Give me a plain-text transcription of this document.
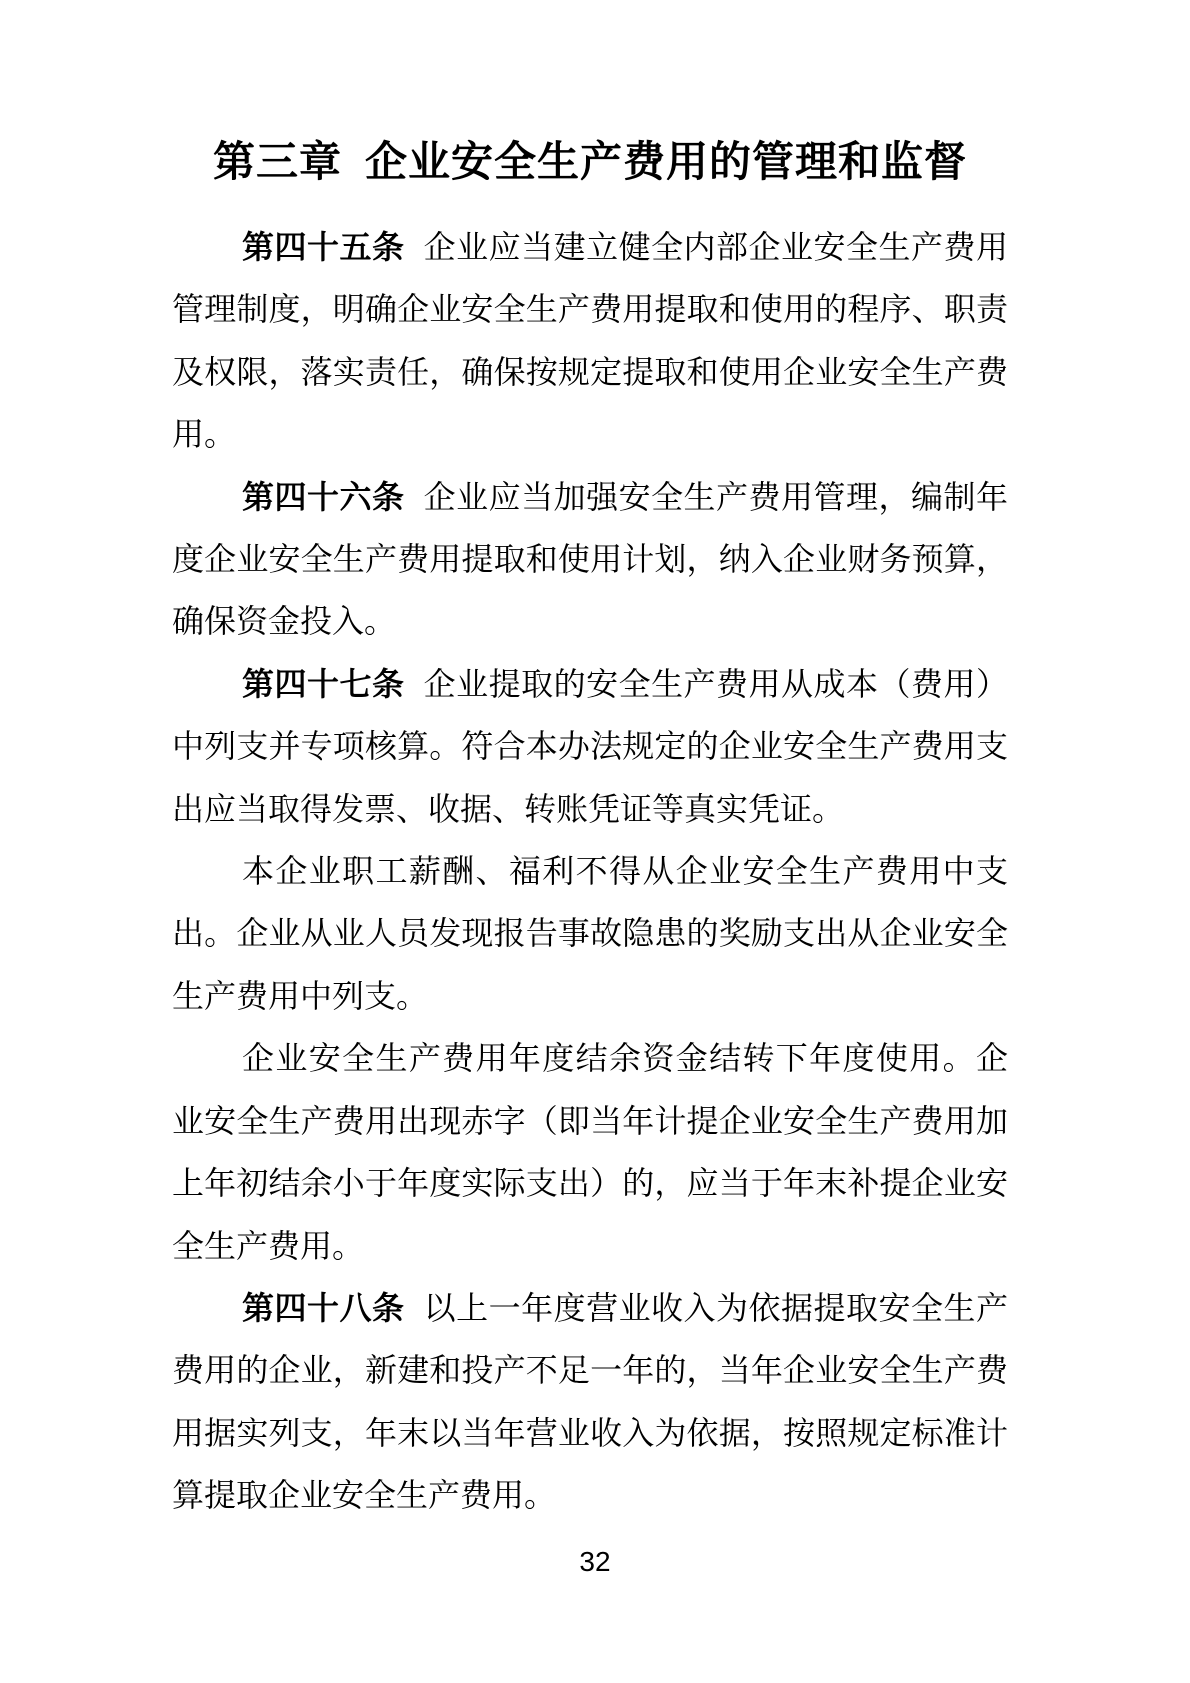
第三章 企业安全生产费用的管理和监督

第四十五条 企业应当建立健全内部企业安全生产费用管理制度，明确企业安全生产费用提取和使用的程序、职责及权限，落实责任，确保按规定提取和使用企业安全生产费用。

第四十六条 企业应当加强安全生产费用管理，编制年度企业安全生产费用提取和使用计划，纳入企业财务预算，确保资金投入。

第四十七条 企业提取的安全生产费用从成本（费用）中列支并专项核算。符合本办法规定的企业安全生产费用支出应当取得发票、收据、转账凭证等真实凭证。

本企业职工薪酬、福利不得从企业安全生产费用中支出。企业从业人员发现报告事故隐患的奖励支出从企业安全生产费用中列支。

企业安全生产费用年度结余资金结转下年度使用。企业安全生产费用出现赤字（即当年计提企业安全生产费用加上年初结余小于年度实际支出）的，应当于年末补提企业安全生产费用。

第四十八条 以上一年度营业收入为依据提取安全生产费用的企业，新建和投产不足一年的，当年企业安全生产费用据实列支，年末以当年营业收入为依据，按照规定标准计算提取企业安全生产费用。

32
